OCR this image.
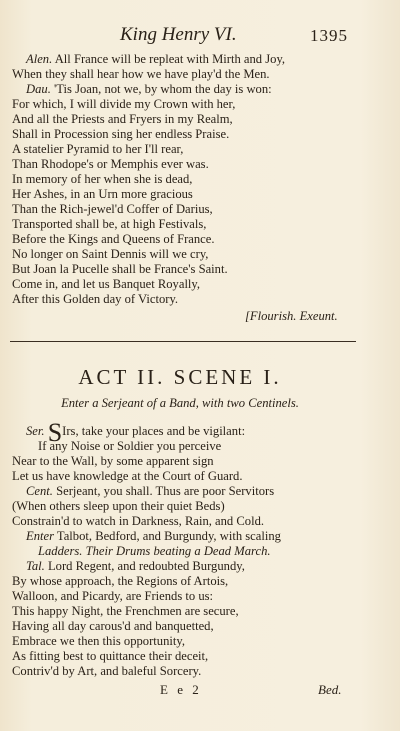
King Henry VI.	1395
Alen. All France will be repleat with Mirth and Joy,
When they shall hear how we have play'd the Men.
Dau. 'Tis Joan, not we, by whom the day is won:
For which, I will divide my Crown with her,
And all the Priests and Fryers in my Realm,
Shall in Procession sing her endless Praise.
A statelier Pyramid to her I'll rear,
Than Rhodope's or Memphis ever was.
In memory of her when she is dead,
Her Ashes, in an Urn more gracious
Than the Rich-jewel'd Coffer of Darius,
Transported shall be, at high Festivals,
Before the Kings and Queens of France.
No longer on Saint Dennis will we cry,
But Joan la Pucelle shall be France's Saint.
Come in, and let us Banquet Royally,
After this Golden day of Victory.
[Flourish. Exeunt.
ACT II. SCENE I.
Enter a Serjeant of a Band, with two Centinels.
Ser. SIrs, take your places and be vigilant:
If any Noise or Soldier you perceive
Near to the Wall, by some apparent sign
Let us have knowledge at the Court of Guard.
Cent. Serjeant, you shall. Thus are poor Servitors
(When others sleep upon their quiet Beds)
Constrain'd to watch in Darkness, Rain, and Cold.
Enter Talbot, Bedford, and Burgundy, with scaling
Ladders. Their Drums beating a Dead March.
Tal. Lord Regent, and redoubted Burgundy,
By whose approach, the Regions of Artois,
Walloon, and Picardy, are Friends to us:
This happy Night, the Frenchmen are secure,
Having all day carous'd and banquetted,
Embrace we then this opportunity,
As fitting best to quittance their deceit,
Contriv'd by Art, and baleful Sorcery.
E e 2	Bed.
